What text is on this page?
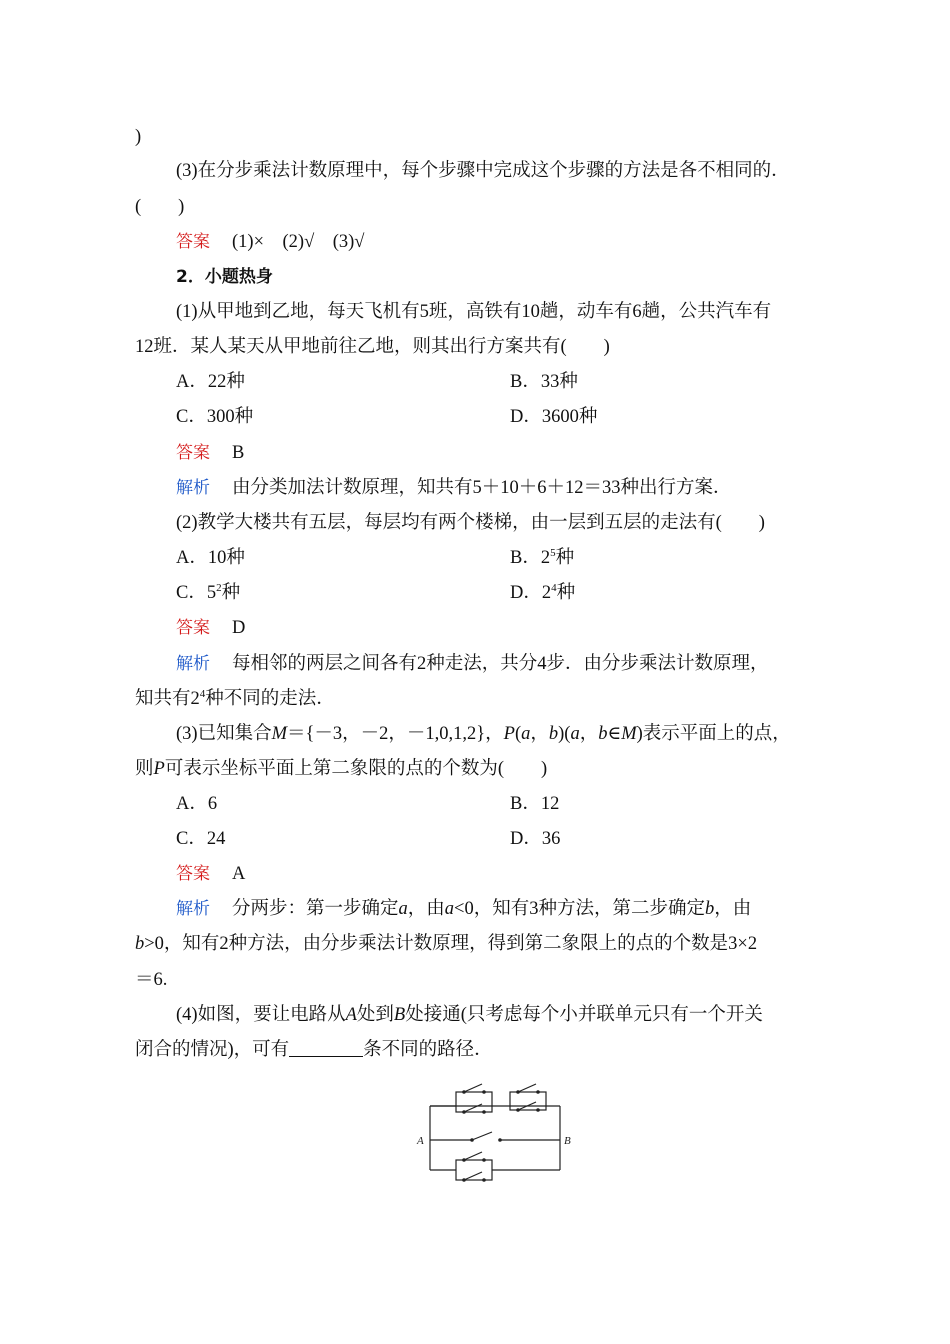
)
(3)在分步乘法计数原理中，每个步骤中完成这个步骤的方法是各不相同的．
(　　)
答案 (1)×　(2)√　(3)√
2．小题热身
(1)从甲地到乙地，每天飞机有5班，高铁有10趟，动车有6趟，公共汽车有
12班．某人某天从甲地前往乙地，则其出行方案共有(　　)
A．22种	B．33种
C．300种	D．3600种
答案 B
解析 由分类加法计数原理，知共有5＋10＋6＋12＝33种出行方案．
(2)教学大楼共有五层，每层均有两个楼梯，由一层到五层的走法有(　　)
A．10种	B．$2^5$种
C．$5^2$种	D．$2^4$种
答案 D
解析 每相邻的两层之间各有2种走法，共分4步．由分步乘法计数原理，
知共有$2^4$种不同的走法．
(3)已知集合M＝{－3，－2，－1,0,1,2}，P(a，b)(a，b∈M)表示平面上的点，
则P可表示坐标平面上第二象限的点的个数为(　　)
A．6	B．12
C．24	D．36
答案 A
解析 分两步：第一步确定a，由a<0，知有3种方法，第二步确定b，由
b>0，知有2种方法，由分步乘法计数原理，得到第二象限上的点的个数是3×2
＝6.
(4)如图，要让电路从A处到B处接通(只考虑每个小并联单元只有一个开关
闭合的情况)，可有	条不同的路径．
A	B
